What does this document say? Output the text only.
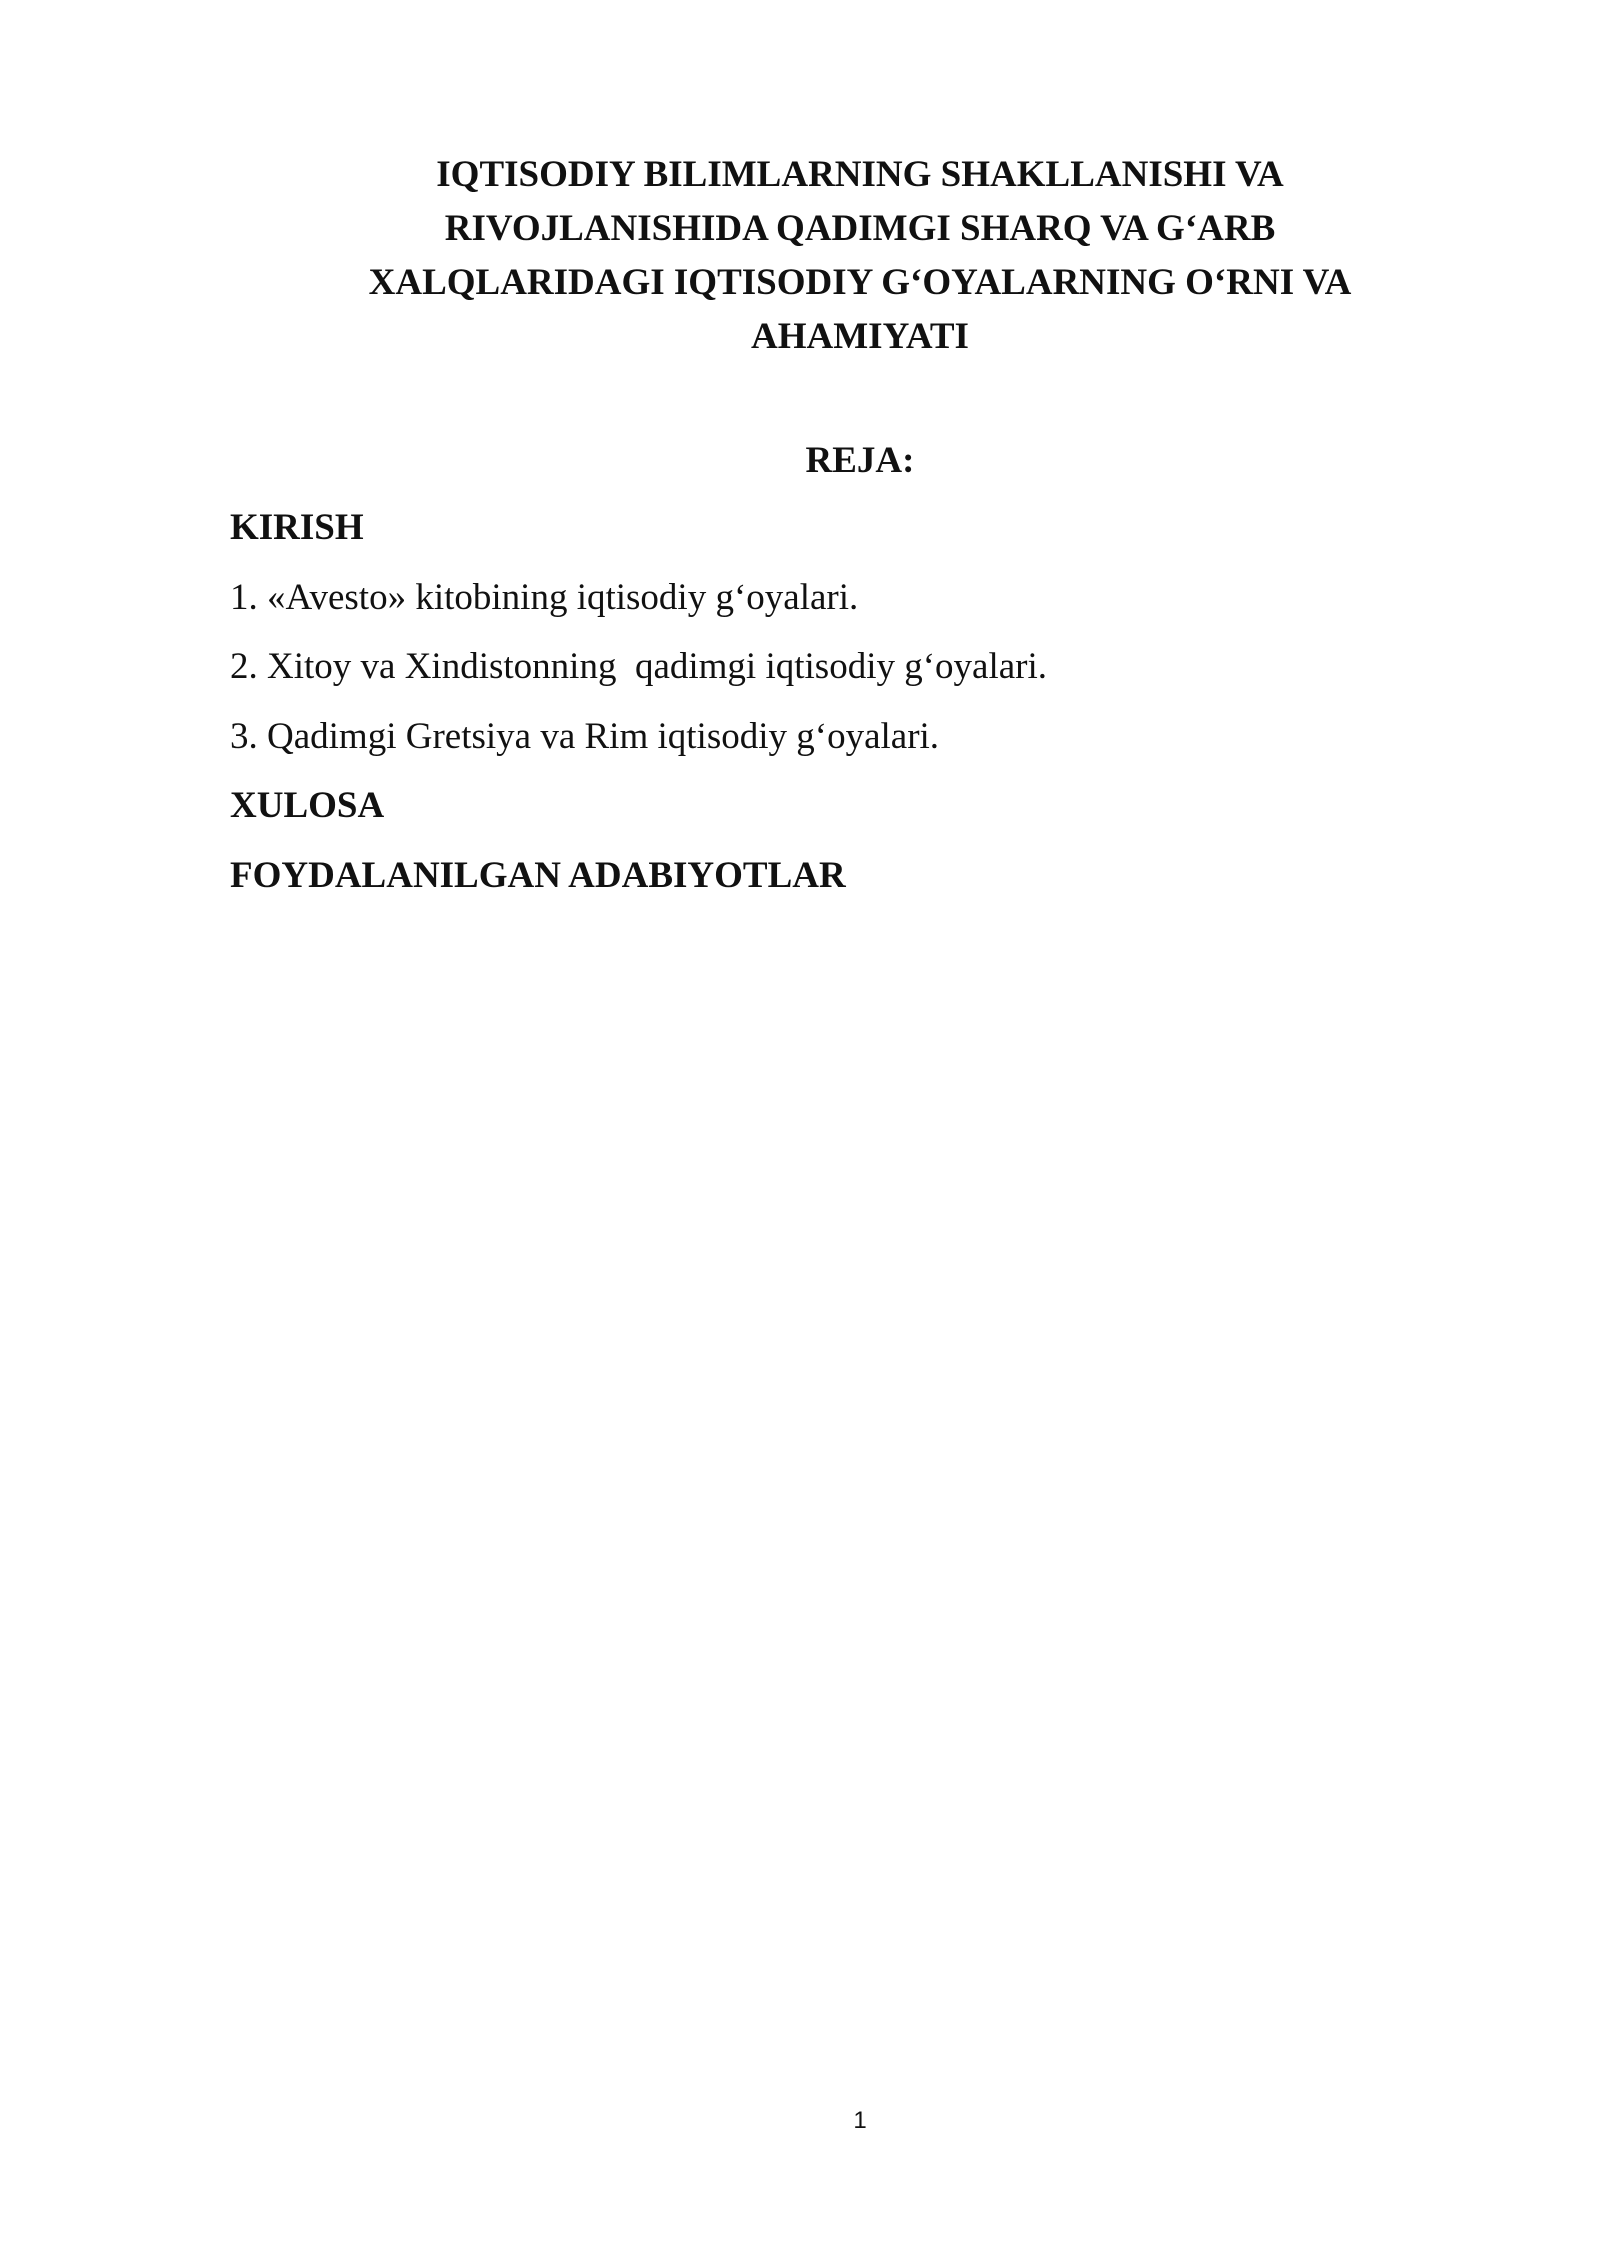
IQTISODIY BILIMLARNING SHAKLLANISHI VA
RIVOJLANISHIDA QADIMGI SHARQ VA G‘ARB
XALQLARIDAGI IQTISODIY G‘OYALARNING O‘RNI VA
AHAMIYATI
REJA:
KIRISH
1. «Avesto» kitobining iqtisodiy g‘oyalari.
2. Xitoy va Xindistonning  qadimgi iqtisodiy g‘oyalari.
3. Qadimgi Gretsiya va Rim iqtisodiy g‘oyalari.
XULOSA
FOYDALANILGAN ADABIYOTLAR
1
